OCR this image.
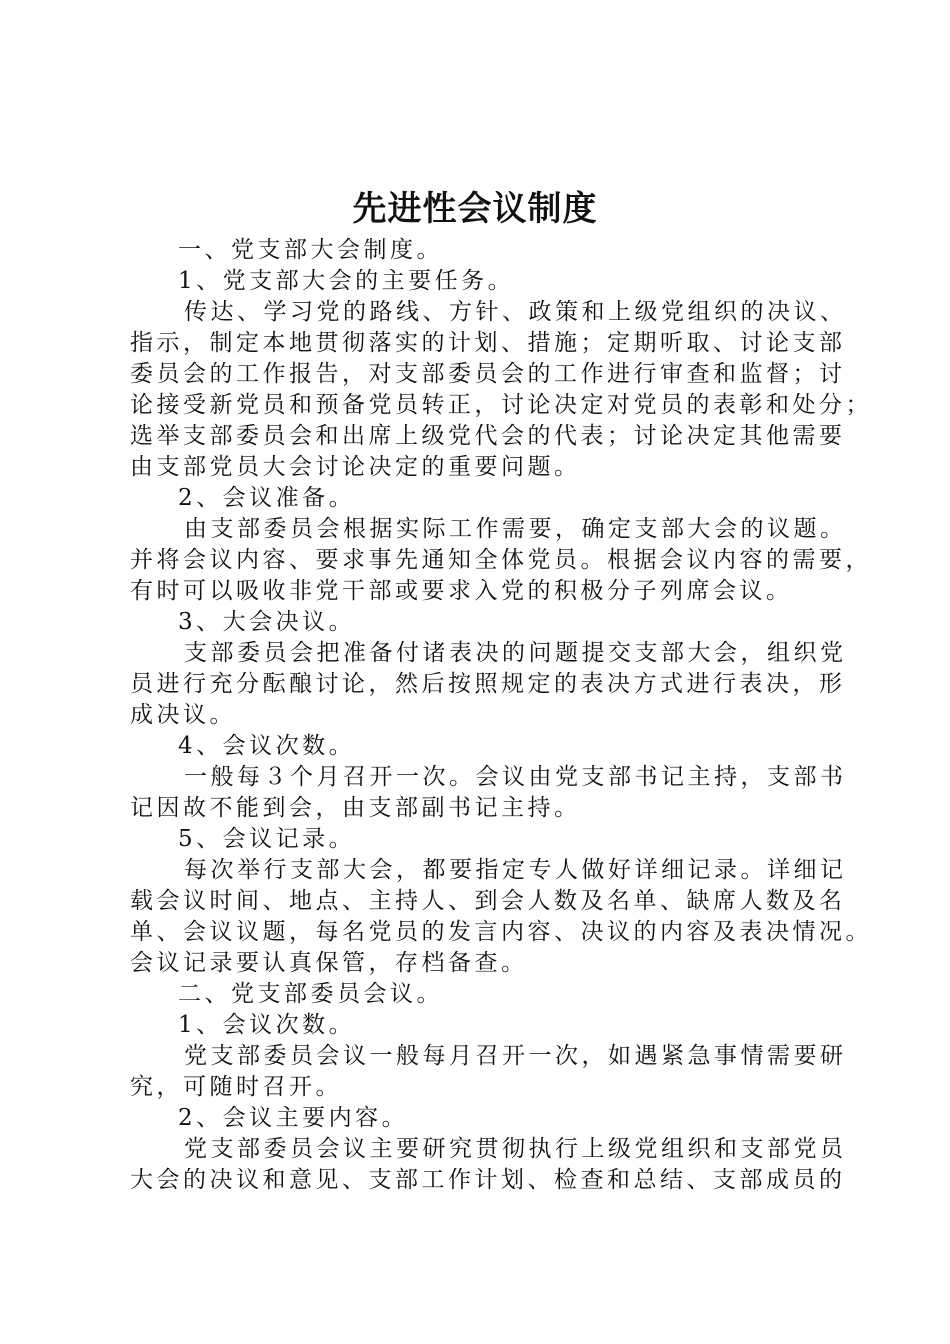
先进性会议制度

一、党支部大会制度。

1、党支部大会的主要任务。

传达、学习党的路线、方针、政策和上级党组织的决议、

指示，制定本地贯彻落实的计划、措施；定期听取、讨论支部

委员会的工作报告，对支部委员会的工作进行审查和监督；讨

论接受新党员和预备党员转正，讨论决定对党员的表彰和处分；

选举支部委员会和出席上级党代会的代表；讨论决定其他需要

由支部党员大会讨论决定的重要问题。

2、会议准备。

由支部委员会根据实际工作需要，确定支部大会的议题。

并将会议内容、要求事先通知全体党员。根据会议内容的需要，

有时可以吸收非党干部或要求入党的积极分子列席会议。

3、大会决议。

支部委员会把准备付诸表决的问题提交支部大会，组织党

员进行充分酝酿讨论，然后按照规定的表决方式进行表决，形

成决议。

4、会议次数。

一般每３个月召开一次。会议由党支部书记主持，支部书

记因故不能到会，由支部副书记主持。

5、会议记录。

每次举行支部大会，都要指定专人做好详细记录。详细记

载会议时间、地点、主持人、到会人数及名单、缺席人数及名

单、会议议题，每名党员的发言内容、决议的内容及表决情况。

会议记录要认真保管，存档备查。

二、党支部委员会议。

1、会议次数。

党支部委员会议一般每月召开一次，如遇紧急事情需要研

究，可随时召开。

2、会议主要内容。

党支部委员会议主要研究贯彻执行上级党组织和支部党员

大会的决议和意见、支部工作计划、检查和总结、支部成员的
